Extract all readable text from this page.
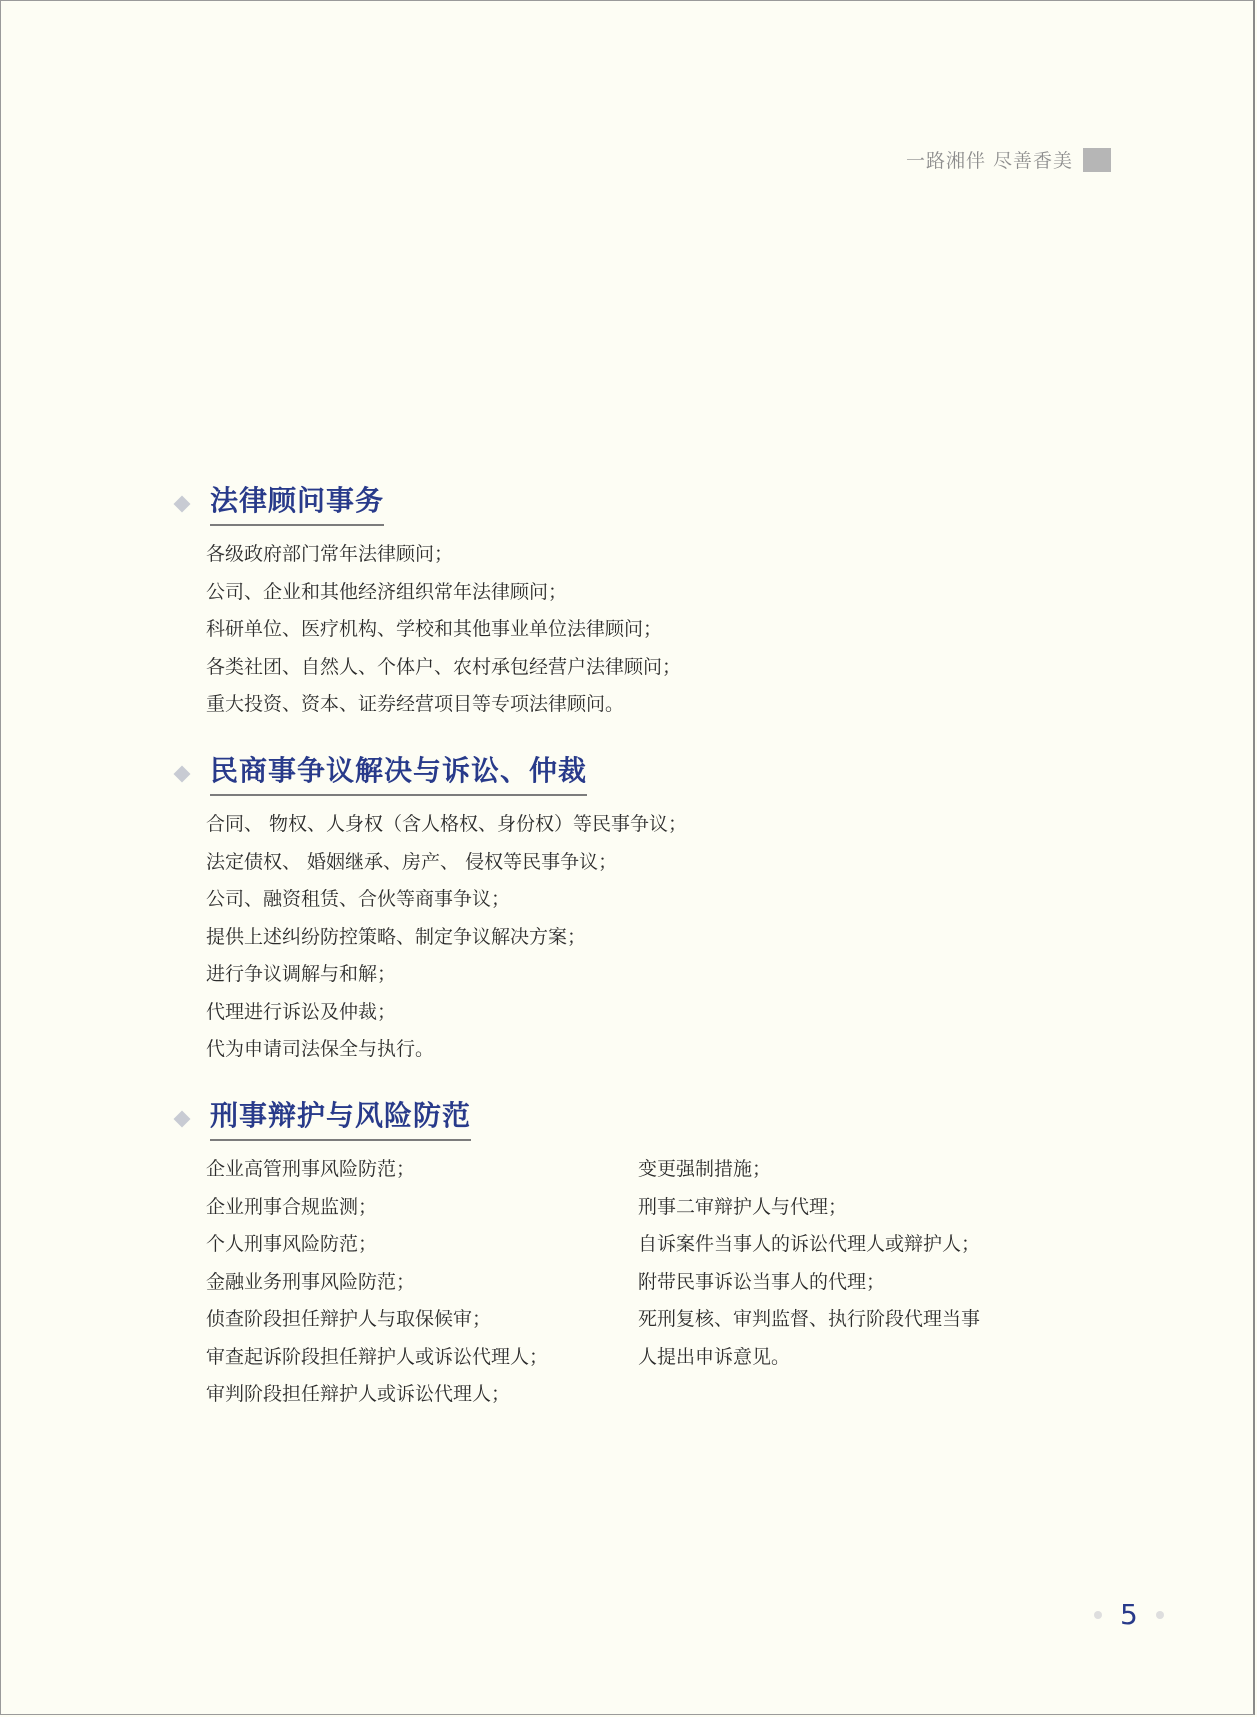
一路湘伴 尽善香美
法律顾问事务
各级政府部门常年法律顾问；
公司、企业和其他经济组织常年法律顾问；
科研单位、医疗机构、学校和其他事业单位法律顾问；
各类社团、自然人、个体户、农村承包经营户法律顾问；
重大投资、资本、证券经营项目等专项法律顾问。
民商事争议解决与诉讼、仲裁
合同、 物权、人身权（含人格权、身份权）等民事争议；
法定债权、 婚姻继承、房产、 侵权等民事争议；
公司、融资租赁、合伙等商事争议；
提供上述纠纷防控策略、制定争议解决方案；
进行争议调解与和解；
代理进行诉讼及仲裁；
代为申请司法保全与执行。
刑事辩护与风险防范
企业高管刑事风险防范；
企业刑事合规监测；
个人刑事风险防范；
金融业务刑事风险防范；
侦查阶段担任辩护人与取保候审；
审查起诉阶段担任辩护人或诉讼代理人；
审判阶段担任辩护人或诉讼代理人；
变更强制措施；
刑事二审辩护人与代理；
自诉案件当事人的诉讼代理人或辩护人；
附带民事诉讼当事人的代理；
死刑复核、审判监督、执行阶段代理当事
人提出申诉意见。
5
